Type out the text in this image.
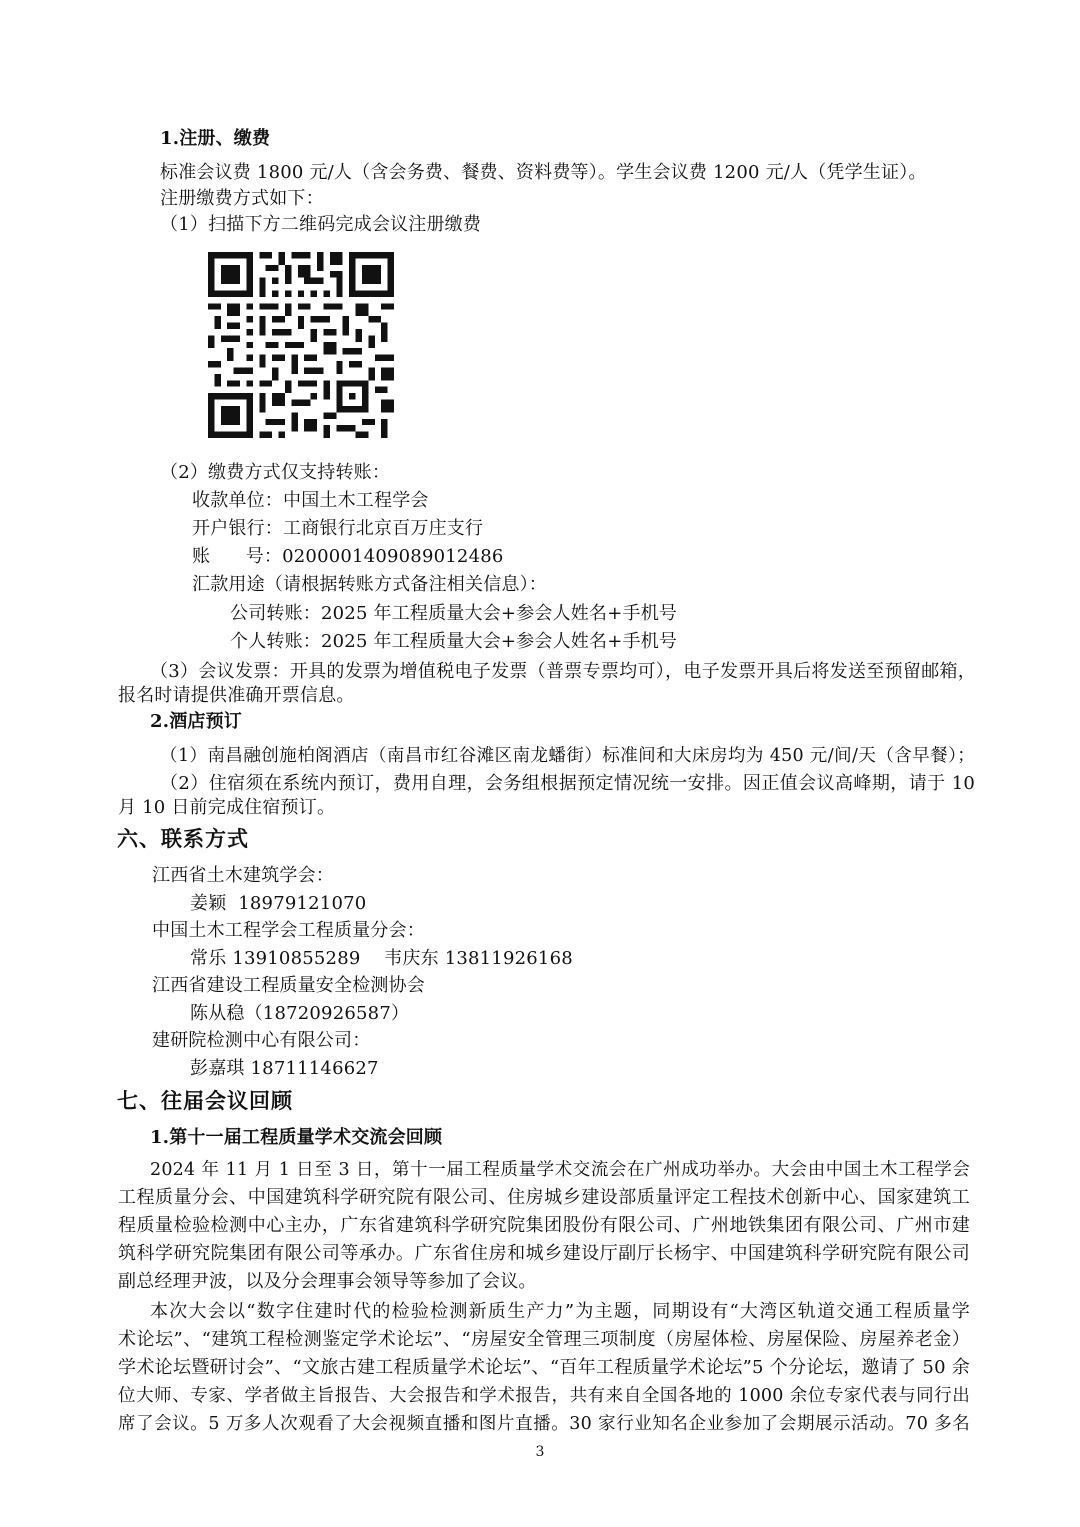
1.注册、缴费
标准会议费 1800 元/人（含会务费、餐费、资料费等）。学生会议费 1200 元/人（凭学生证）。
注册缴费方式如下：
（1）扫描下方二维码完成会议注册缴费
（2）缴费方式仅支持转账：
收款单位：中国土木工程学会
开户银行：工商银行北京百万庄支行
账      号：0200001409089012486
汇款用途（请根据转账方式备注相关信息）：
公司转账：2025 年工程质量大会+参会人姓名+手机号
个人转账：2025 年工程质量大会+参会人姓名+手机号
（3）会议发票：开具的发票为增值税电子发票（普票专票均可），电子发票开具后将发送至预留邮箱，
报名时请提供准确开票信息。
2.酒店预订
（1）南昌融创施柏阁酒店（南昌市红谷滩区南龙蟠街）标准间和大床房均为 450 元/间/天（含早餐）；
（2）住宿须在系统内预订，费用自理，会务组根据预定情况统一安排。因正值会议高峰期，请于 10
月 10 日前完成住宿预订。
六、联系方式
江西省土木建筑学会：
姜颖  18979121070
中国土木工程学会工程质量分会：
常乐 13910855289    韦庆东 13811926168
江西省建设工程质量安全检测协会
陈从稳（18720926587）
建研院检测中心有限公司：
彭嘉琪 18711146627
七、往届会议回顾
1.第十一届工程质量学术交流会回顾
2024 年 11 月 1 日至 3 日，第十一届工程质量学术交流会在广州成功举办。大会由中国土木工程学会
工程质量分会、中国建筑科学研究院有限公司、住房城乡建设部质量评定工程技术创新中心、国家建筑工
程质量检验检测中心主办，广东省建筑科学研究院集团股份有限公司、广州地铁集团有限公司、广州市建
筑科学研究院集团有限公司等承办。广东省住房和城乡建设厅副厅长杨宇、中国建筑科学研究院有限公司
副总经理尹波，以及分会理事会领导等参加了会议。
本次大会以“数字住建时代的检验检测新质生产力”为主题，同期设有“大湾区轨道交通工程质量学
术论坛”、“建筑工程检测鉴定学术论坛”、“房屋安全管理三项制度（房屋体检、房屋保险、房屋养老金）
学术论坛暨研讨会”、“文旅古建工程质量学术论坛”、“百年工程质量学术论坛”5 个分论坛，邀请了 50 余
位大师、专家、学者做主旨报告、大会报告和学术报告，共有来自全国各地的 1000 余位专家代表与同行出
席了会议。5 万多人次观看了大会视频直播和图片直播。30 家行业知名企业参加了会期展示活动。70 多名
3
